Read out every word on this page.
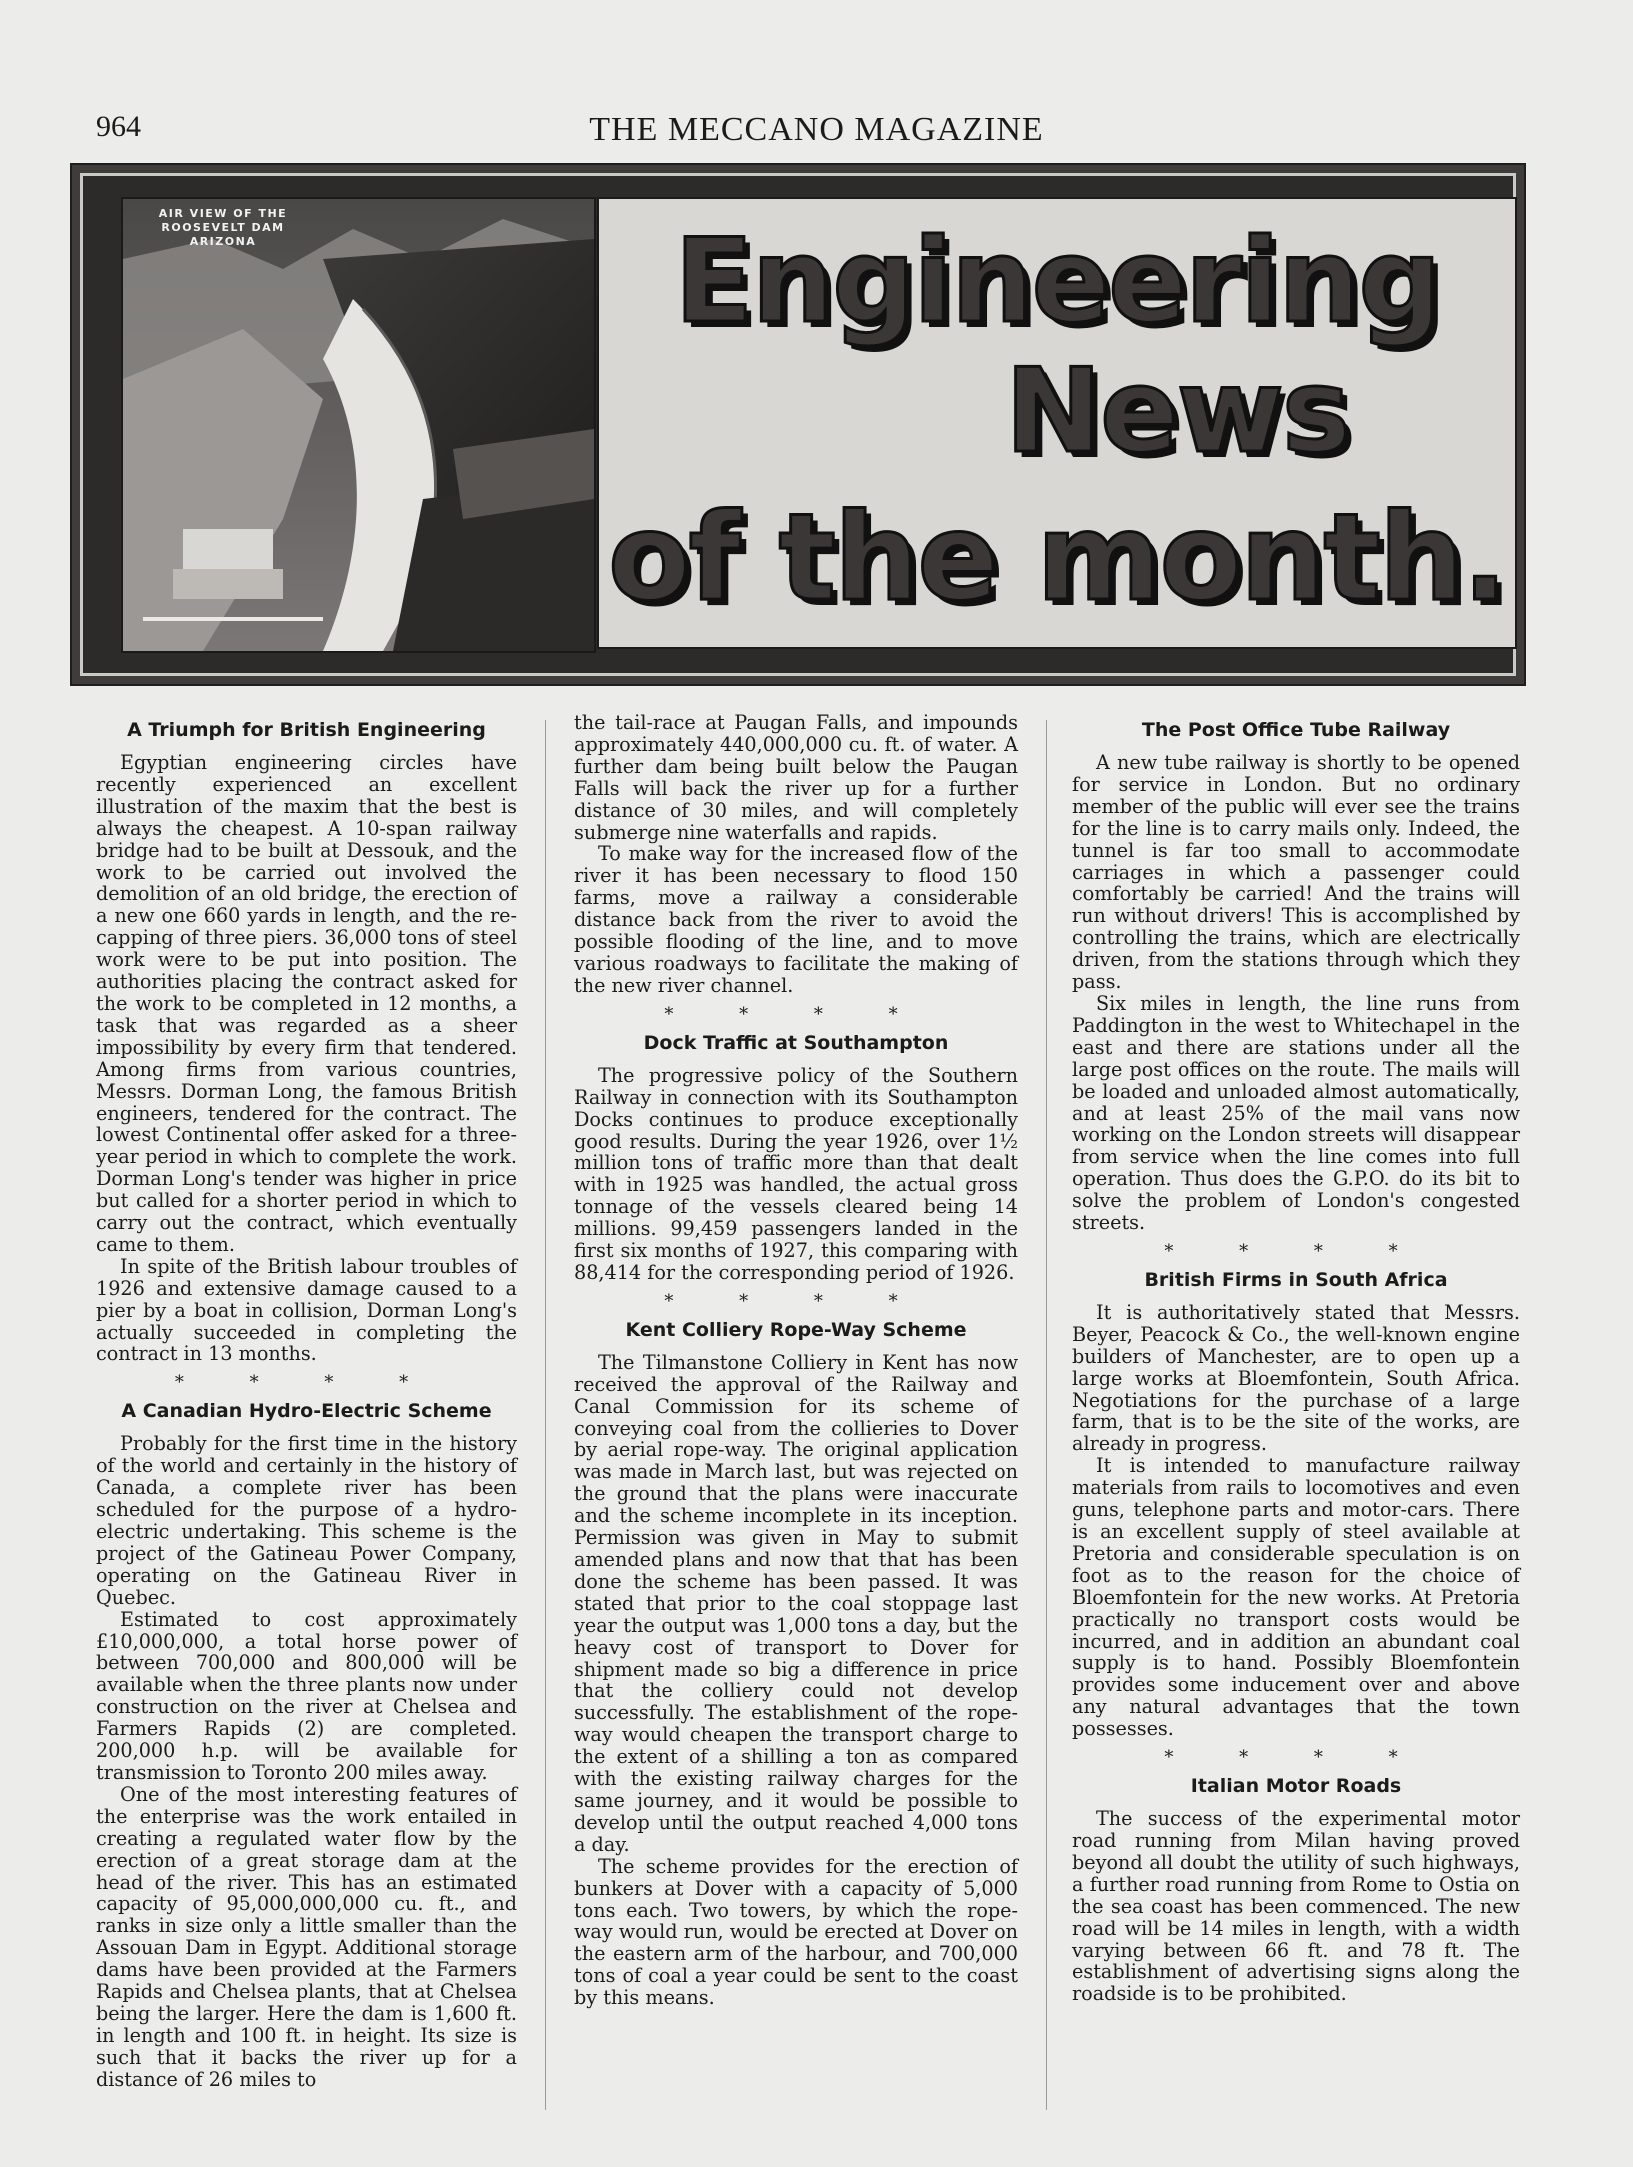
964	THE MECCANO MAGAZINE
AIR VIEW OF THE
ROOSEVELT DAM
ARIZONA	Engineering
News
of the month.
A Triumph for British Engineering

Egyptian engineering circles have recently experienced an excellent illustration of the maxim that the best is always the cheapest. A 10-span railway bridge had to be built at Dessouk, and the work to be carried out involved the demolition of an old bridge, the erection of a new one 660 yards in length, and the re-capping of three piers. 36,000 tons of steel work were to be put into position. The authorities placing the contract asked for the work to be completed in 12 months, a task that was regarded as a sheer impossibility by every firm that tendered. Among firms from various countries, Messrs. Dorman Long, the famous British engineers, tendered for the contract. The lowest Continental offer asked for a three-year period in which to complete the work. Dorman Long's tender was higher in price but called for a shorter period in which to carry out the contract, which eventually came to them.

In spite of the British labour troubles of 1926 and extensive damage caused to a pier by a boat in collision, Dorman Long's actually succeeded in completing the contract in 13 months.

* * * *
A Canadian Hydro-Electric Scheme

Probably for the first time in the history of the world and certainly in the history of Canada, a complete river has been scheduled for the purpose of a hydro-electric undertaking. This scheme is the project of the Gatineau Power Company, operating on the Gatineau River in Quebec.

Estimated to cost approximately £10,000,000, a total horse power of between 700,000 and 800,000 will be available when the three plants now under construction on the river at Chelsea and Farmers Rapids (2) are completed. 200,000 h.p. will be available for transmission to Toronto 200 miles away.

One of the most interesting features of the enterprise was the work entailed in creating a regulated water flow by the erection of a great storage dam at the head of the river. This has an estimated capacity of 95,000,000,000 cu. ft., and ranks in size only a little smaller than the Assouan Dam in Egypt. Additional storage dams have been provided at the Farmers Rapids and Chelsea plants, that at Chelsea being the larger. Here the dam is 1,600 ft. in length and 100 ft. in height. Its size is such that it backs the river up for a distance of 26 miles to

the tail-race at Paugan Falls, and impounds approximately 440,000,000 cu. ft. of water. A further dam being built below the Paugan Falls will back the river up for a further distance of 30 miles, and will completely submerge nine waterfalls and rapids.

To make way for the increased flow of the river it has been necessary to flood 150 farms, move a railway a considerable distance back from the river to avoid the possible flooding of the line, and to move various roadways to facilitate the making of the new river channel.

* * * *
Dock Traffic at Southampton

The progressive policy of the Southern Railway in connection with its Southampton Docks continues to produce exceptionally good results. During the year 1926, over 1½ million tons of traffic more than that dealt with in 1925 was handled, the actual gross tonnage of the vessels cleared being 14 millions. 99,459 passengers landed in the first six months of 1927, this comparing with 88,414 for the corresponding period of 1926.

* * * *
Kent Colliery Rope-Way Scheme

The Tilmanstone Colliery in Kent has now received the approval of the Railway and Canal Commission for its scheme of conveying coal from the collieries to Dover by aerial rope-way. The original application was made in March last, but was rejected on the ground that the plans were inaccurate and the scheme incomplete in its inception. Permission was given in May to submit amended plans and now that that has been done the scheme has been passed. It was stated that prior to the coal stoppage last year the output was 1,000 tons a day, but the heavy cost of transport to Dover for shipment made so big a difference in price that the colliery could not develop successfully. The establishment of the rope-way would cheapen the transport charge to the extent of a shilling a ton as compared with the existing railway charges for the same journey, and it would be possible to develop until the output reached 4,000 tons a day.

The scheme provides for the erection of bunkers at Dover with a capacity of 5,000 tons each. Two towers, by which the rope-way would run, would be erected at Dover on the eastern arm of the harbour, and 700,000 tons of coal a year could be sent to the coast by this means.

The Post Office Tube Railway

A new tube railway is shortly to be opened for service in London. But no ordinary member of the public will ever see the trains for the line is to carry mails only. Indeed, the tunnel is far too small to accommodate carriages in which a passenger could comfortably be carried! And the trains will run without drivers! This is accomplished by controlling the trains, which are electrically driven, from the stations through which they pass.

Six miles in length, the line runs from Paddington in the west to Whitechapel in the east and there are stations under all the large post offices on the route. The mails will be loaded and unloaded almost automatically, and at least 25% of the mail vans now working on the London streets will disappear from service when the line comes into full operation. Thus does the G.P.O. do its bit to solve the problem of London's congested streets.

* * * *
British Firms in South Africa

It is authoritatively stated that Messrs. Beyer, Peacock & Co., the well-known engine builders of Manchester, are to open up a large works at Bloemfontein, South Africa. Negotiations for the purchase of a large farm, that is to be the site of the works, are already in progress.

It is intended to manufacture railway materials from rails to locomotives and even guns, telephone parts and motor-cars. There is an excellent supply of steel available at Pretoria and considerable speculation is on foot as to the reason for the choice of Bloemfontein for the new works. At Pretoria practically no transport costs would be incurred, and in addition an abundant coal supply is to hand. Possibly Bloemfontein provides some inducement over and above any natural advantages that the town possesses.

* * * *
Italian Motor Roads

The success of the experimental motor road running from Milan having proved beyond all doubt the utility of such highways, a further road running from Rome to Ostia on the sea coast has been commenced. The new road will be 14 miles in length, with a width varying between 66 ft. and 78 ft. The establishment of advertising signs along the roadside is to be prohibited.
